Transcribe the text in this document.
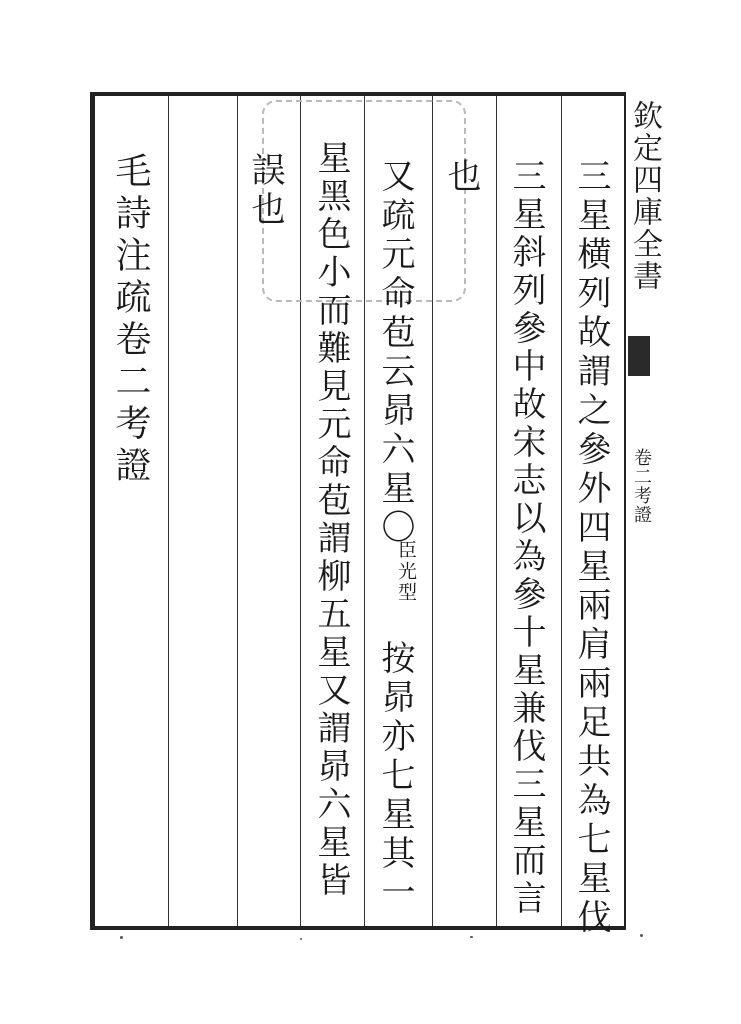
欽定四庫全書
卷二考證
三星横列故謂之參外四星兩肩兩足共為七星伐
三星斜列參中故宋志以為參十星兼伐三星而言
也
又疏元命苞云昴六星〇
臣光型
按昴亦七星其一
星黑色小而難見元命苞謂柳五星又謂昴六星皆
誤也
毛詩注疏卷二考證
